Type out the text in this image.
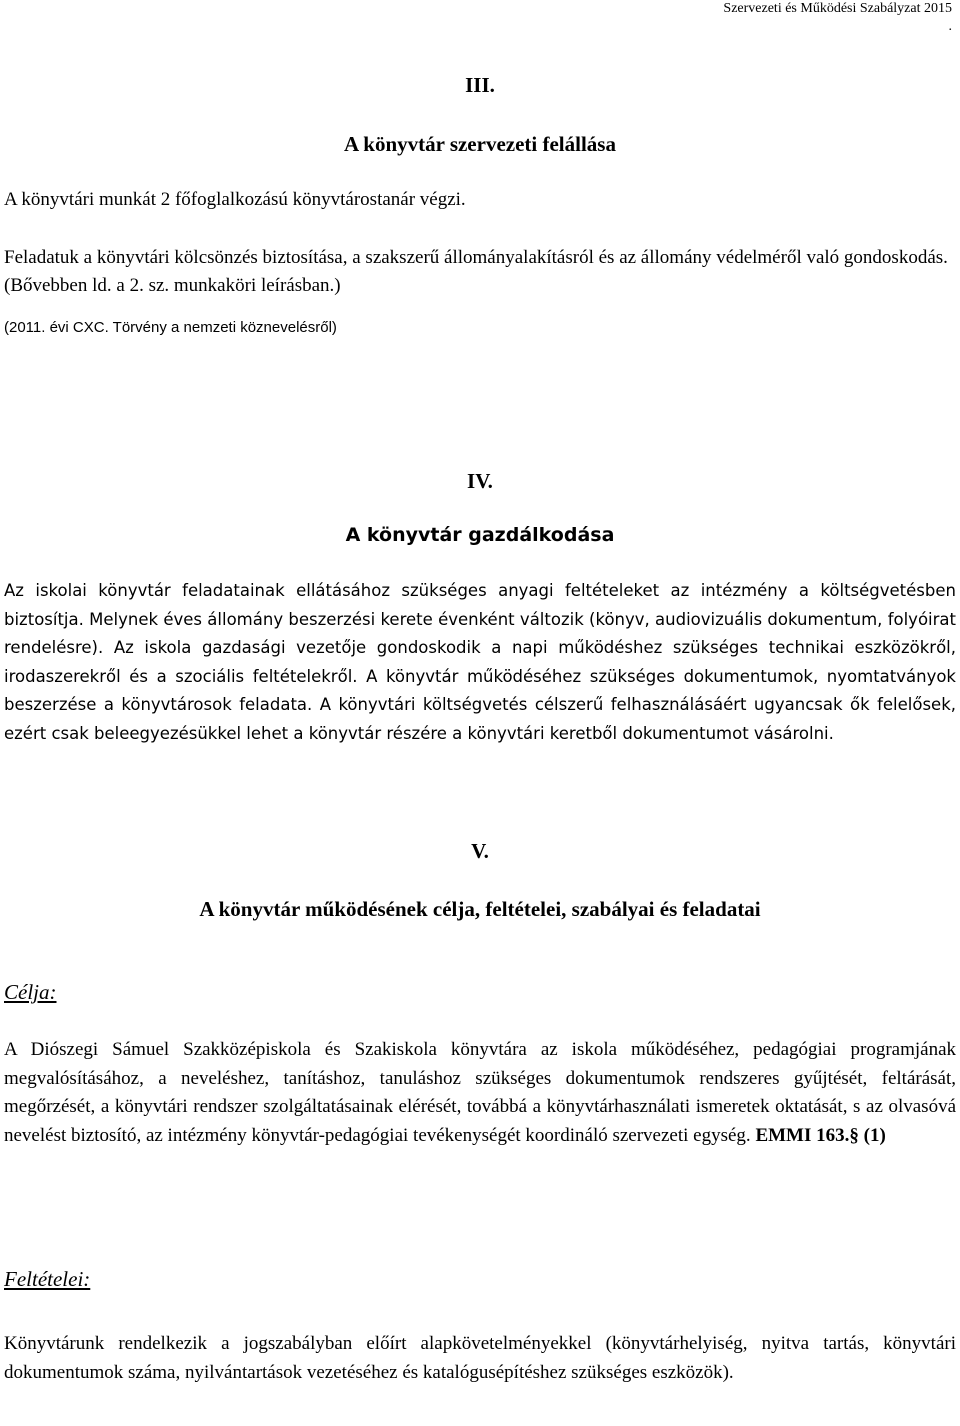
Szervezeti és Működési Szabályzat 2015
.
III.
A könyvtár szervezeti felállása

A könyvtári munkát 2 főfoglalkozású könyvtárostanár végzi.

Feladatuk a könyvtári kölcsönzés biztosítása, a szakszerű állományalakításról és az állomány védelméről való gondoskodás. (Bővebben ld. a 2. sz. munkaköri leírásban.)

(2011. évi CXC. Törvény a nemzeti köznevelésről)

IV.
A könyvtár gazdálkodása

Az iskolai könyvtár feladatainak ellátásához szükséges anyagi feltételeket az intézmény a költségvetésben biztosítja. Melynek éves állomány beszerzési kerete évenként változik (könyv, audiovizuális dokumentum, folyóirat rendelésre). Az iskola gazdasági vezetője gondoskodik a napi működéshez szükséges technikai eszközökről, irodaszerekről és a szociális feltételekről. A könyvtár működéséhez szükséges dokumentumok, nyomtatványok beszerzése a könyvtárosok feladata. A könyvtári költségvetés célszerű felhasználásáért ugyancsak ők felelősek, ezért csak beleegyezésükkel lehet a könyvtár részére a könyvtári keretből dokumentumot vásárolni.

V.
A könyvtár működésének célja, feltételei, szabályai és feladatai
Célja:

A Diószegi Sámuel Szakközépiskola és Szakiskola könyvtára az iskola működéséhez, pedagógiai programjának megvalósításához, a neveléshez, tanításhoz, tanuláshoz szükséges dokumentumok rendszeres gyűjtését, feltárását, megőrzését, a könyvtári rendszer szolgáltatásainak elérését, továbbá a könyvtárhasználati ismeretek oktatását, s az olvasóvá nevelést biztosító, az intézmény könyvtár-pedagógiai tevékenységét koordináló szervezeti egység. EMMI 163.§ (1)

Feltételei:

Könyvtárunk rendelkezik a jogszabályban előírt alapkövetelményekkel (könyvtárhelyiség, nyitva tartás, könyvtári dokumentumok száma, nyilvántartások vezetéséhez és katalógusépítéshez szükséges eszközök).
